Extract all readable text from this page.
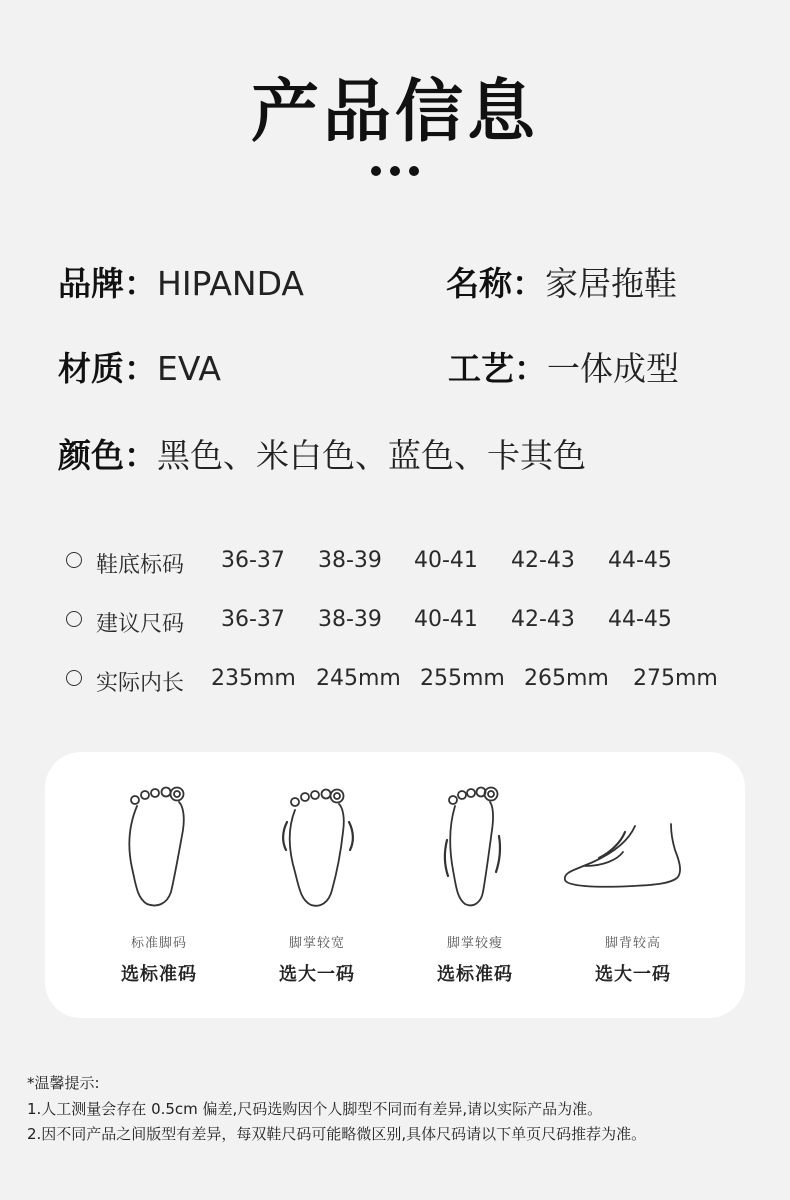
产品信息
品牌：HIPANDA	名称：家居拖鞋
材质：EVA	工艺：一体成型
颜色：黑色、米白色、蓝色、卡其色
鞋底标码 36-37 38-39 40-41 42-43 44-45
建议尺码 36-37 38-39 40-41 42-43 44-45
实际内长 235mm 245mm 255mm 265mm 275mm
标准脚码
选标准码
脚掌较宽
选大一码
脚掌较瘦
选标准码
脚背较高
选大一码
*温馨提示:
1.人工测量会存在 0.5cm 偏差,尺码选购因个人脚型不同而有差异,请以实际产品为准。
2.因不同产品之间版型有差异，每双鞋尺码可能略微区别,具体尺码请以下单页尺码推荐为准。
